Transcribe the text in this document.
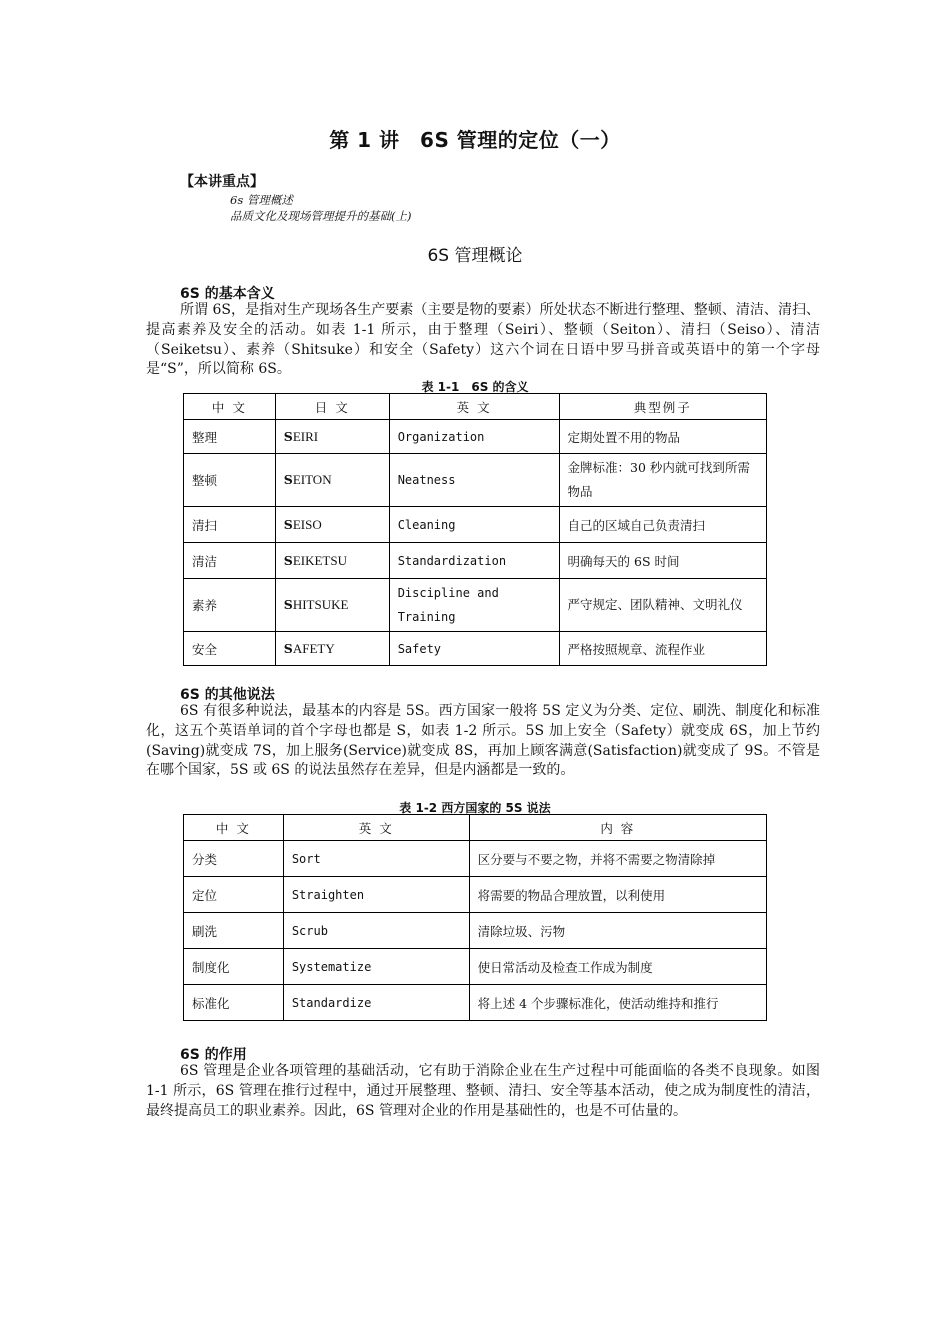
第 1 讲　6S 管理的定位（一）
【本讲重点】
6s 管理概述
品质文化及现场管理提升的基础(上)
6S 管理概论
6S 的基本含义
所谓 6S，是指对生产现场各生产要素（主要是物的要素）所处状态不断进行整理、整顿、清洁、清扫、提高素养及安全的活动。如表 1-1 所示，由于整理（Seiri）、整顿（Seiton）、清扫（Seiso）、清洁（Seiketsu）、素养（Shitsuke）和安全（Safety）这六个词在日语中罗马拼音或英语中的第一个字母是“S”，所以简称 6S。
表 1-1　6S 的含义
中 文	日 文	英 文	典型例子
整理	SEIRI	Organization	定期处置不用的物品
整顿	SEITON	Neatness	金牌标准：30 秒内就可找到所需物品
清扫	SEISO	Cleaning	自己的区域自己负责清扫
清洁	SEIKETSU	Standardization	明确每天的 6S 时间
素养	SHITSUKE	Discipline and Training	严守规定、团队精神、文明礼仪
安全	SAFETY	Safety	严格按照规章、流程作业
6S 的其他说法
6S 有很多种说法，最基本的内容是 5S。西方国家一般将 5S 定义为分类、定位、刷洗、制度化和标准化，这五个英语单词的首个字母也都是 S，如表 1-2 所示。5S 加上安全（Safety）就变成 6S，加上节约(Saving)就变成 7S，加上服务(Service)就变成 8S，再加上顾客满意(Satisfaction)就变成了 9S。不管是在哪个国家，5S 或 6S 的说法虽然存在差异，但是内涵都是一致的。
表 1-2 西方国家的 5S 说法
中 文	英 文	内 容
分类	Sort	区分要与不要之物，并将不需要之物清除掉
定位	Straighten	将需要的物品合理放置，以利使用
刷洗	Scrub	清除垃圾、污物
制度化	Systematize	使日常活动及检查工作成为制度
标准化	Standardize	将上述 4 个步骤标准化，使活动维持和推行
6S 的作用
6S 管理是企业各项管理的基础活动，它有助于消除企业在生产过程中可能面临的各类不良现象。如图 1-1 所示，6S 管理在推行过程中，通过开展整理、整顿、清扫、安全等基本活动，使之成为制度性的清洁，最终提高员工的职业素养。因此，6S 管理对企业的作用是基础性的，也是不可估量的。
